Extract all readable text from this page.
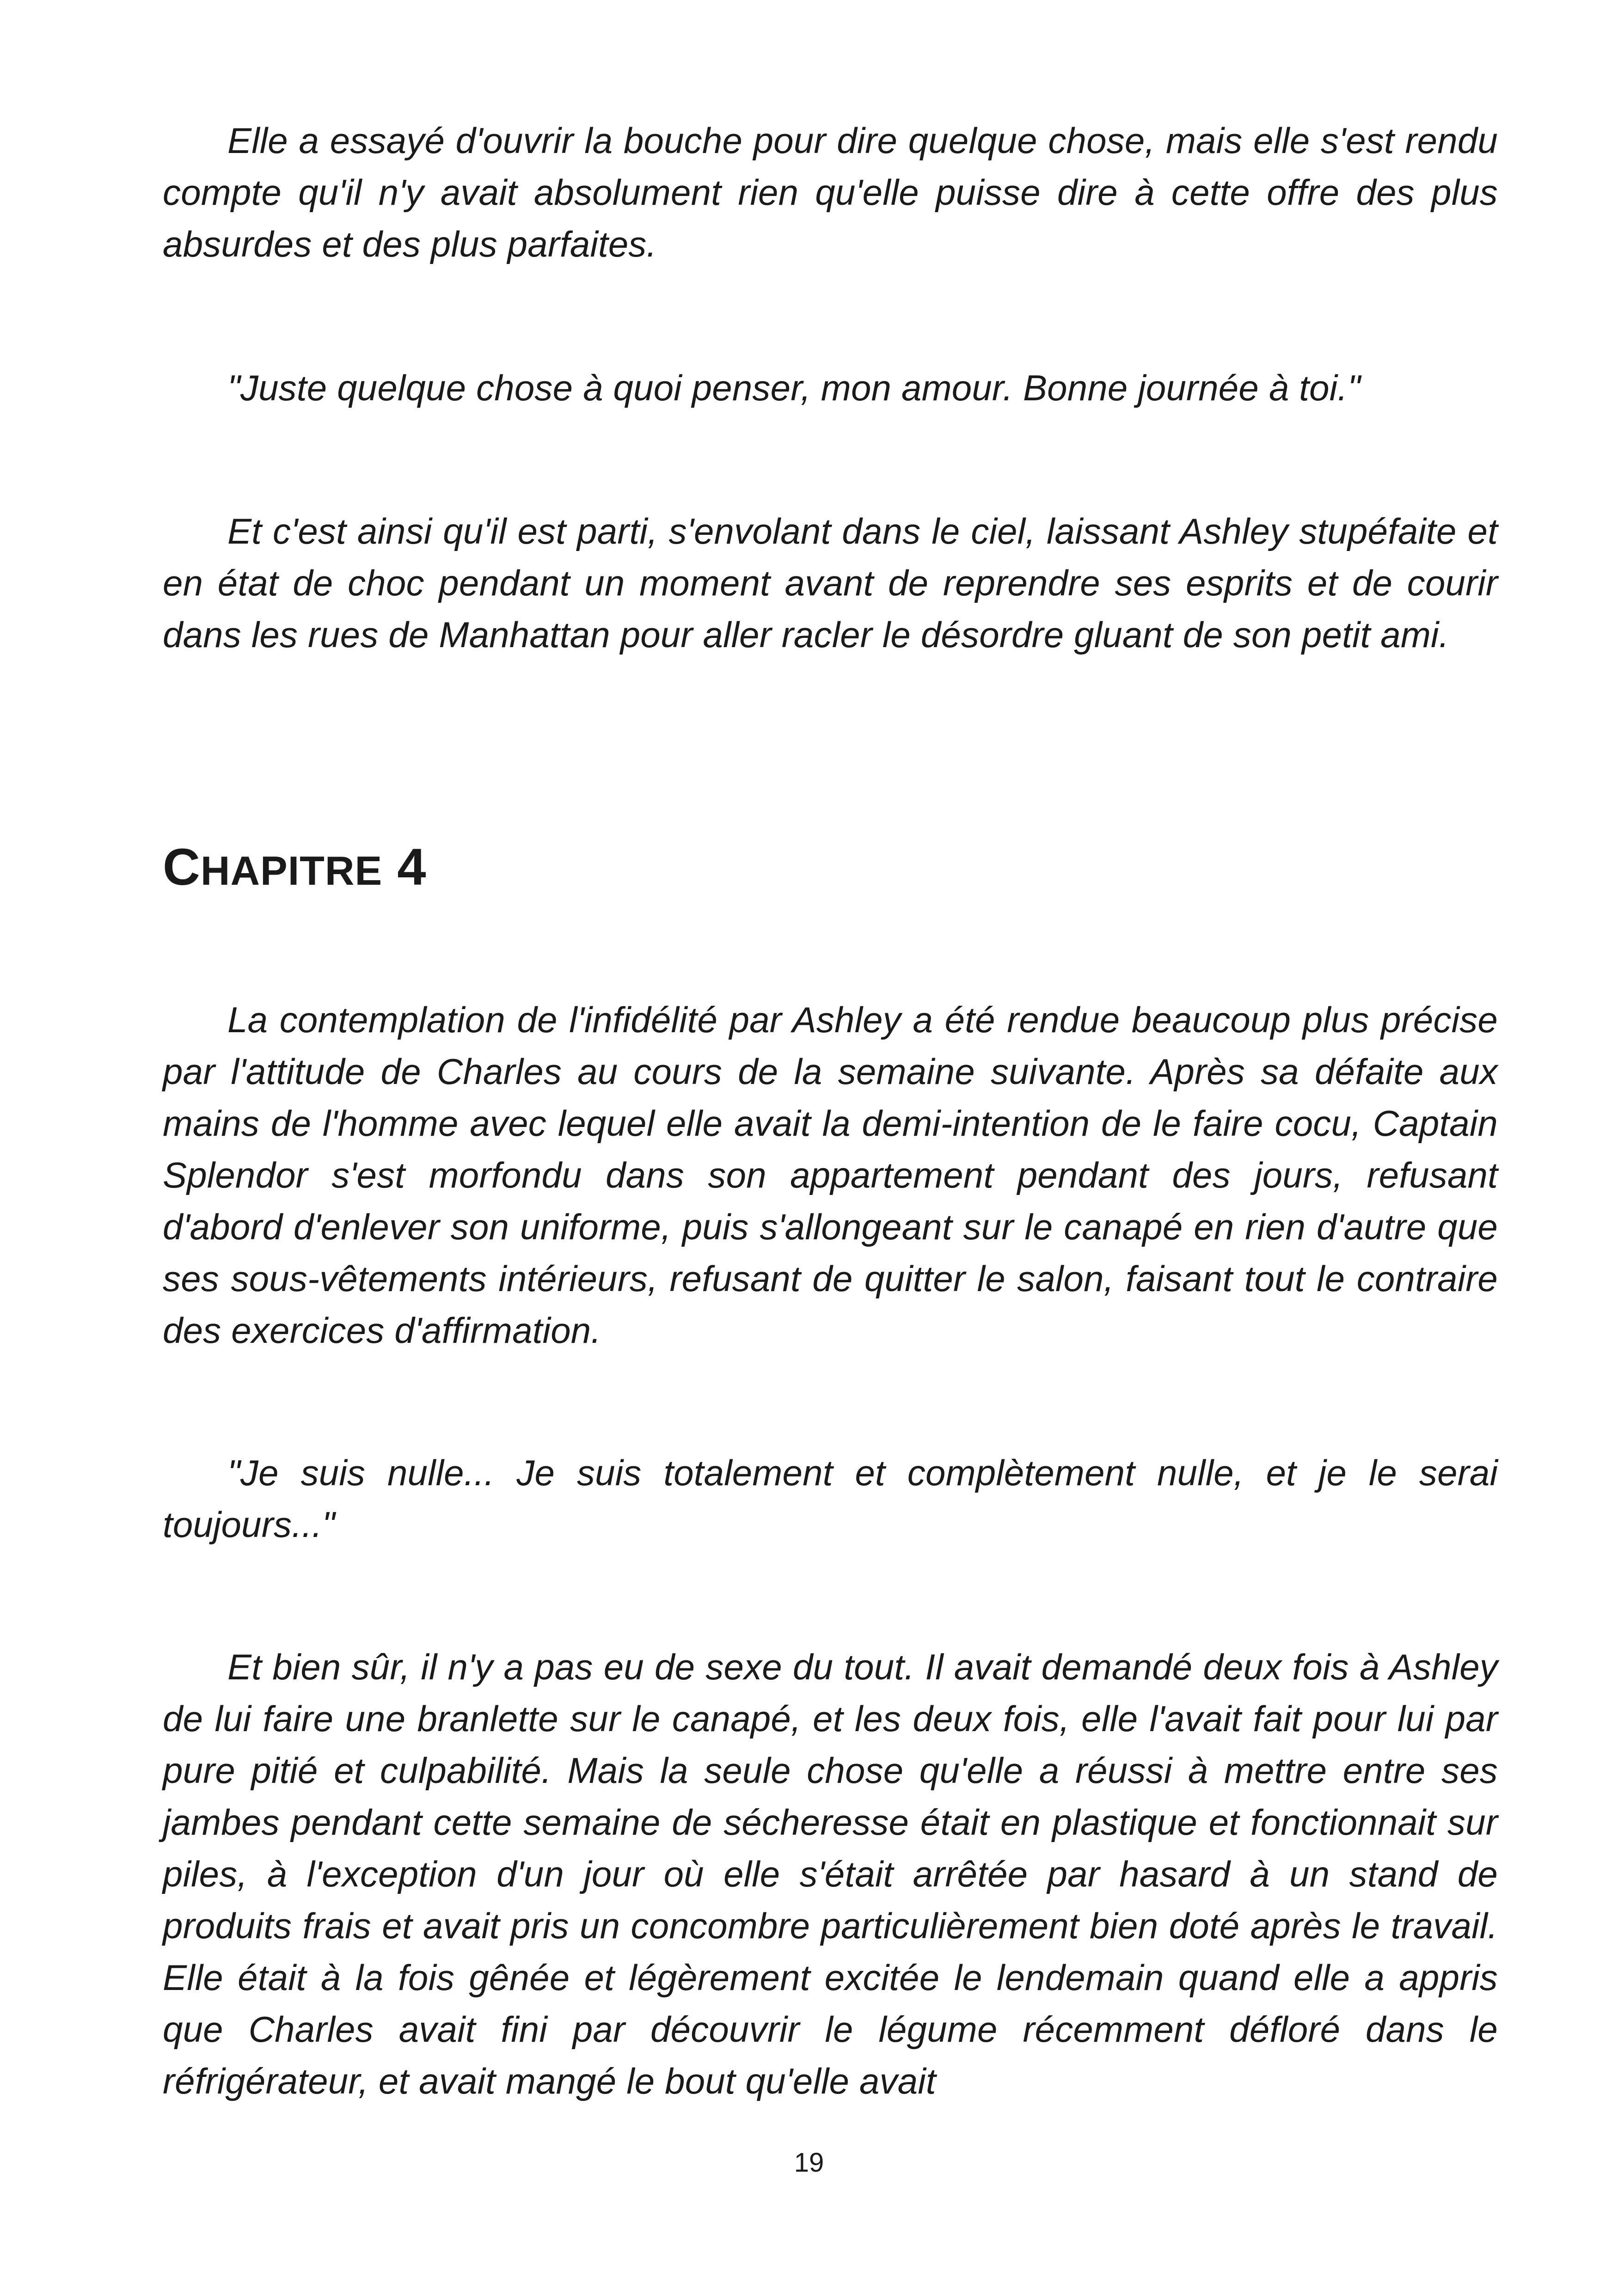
Elle a essayé d'ouvrir la bouche pour dire quelque chose, mais elle s'est rendu compte qu'il n'y avait absolument rien qu'elle puisse dire à cette offre des plus absurdes et des plus parfaites.

"Juste quelque chose à quoi penser, mon amour. Bonne journée à toi."

Et c'est ainsi qu'il est parti, s'envolant dans le ciel, laissant Ashley stupéfaite et en état de choc pendant un moment avant de reprendre ses esprits et de courir dans les rues de Manhattan pour aller racler le désordre gluant de son petit ami.

CHAPITRE 4

La contemplation de l'infidélité par Ashley a été rendue beaucoup plus précise par l'attitude de Charles au cours de la semaine suivante. Après sa défaite aux mains de l'homme avec lequel elle avait la demi-intention de le faire cocu, Captain Splendor s'est morfondu dans son appartement pendant des jours, refusant d'abord d'enlever son uniforme, puis s'allongeant sur le canapé en rien d'autre que ses sous-vêtements intérieurs, refusant de quitter le salon, faisant tout le contraire des exercices d'affirmation.

"Je suis nulle... Je suis totalement et complètement nulle, et je le serai toujours..."

Et bien sûr, il n'y a pas eu de sexe du tout. Il avait demandé deux fois à Ashley de lui faire une branlette sur le canapé, et les deux fois, elle l'avait fait pour lui par pure pitié et culpabilité. Mais la seule chose qu'elle a réussi à mettre entre ses jambes pendant cette semaine de sécheresse était en plastique et fonctionnait sur piles, à l'exception d'un jour où elle s'était arrêtée par hasard à un stand de produits frais et avait pris un concombre particulièrement bien doté après le travail. Elle était à la fois gênée et légèrement excitée le lendemain quand elle a appris que Charles avait fini par découvrir le légume récemment défloré dans le réfrigérateur, et avait mangé le bout qu'elle avait

19
